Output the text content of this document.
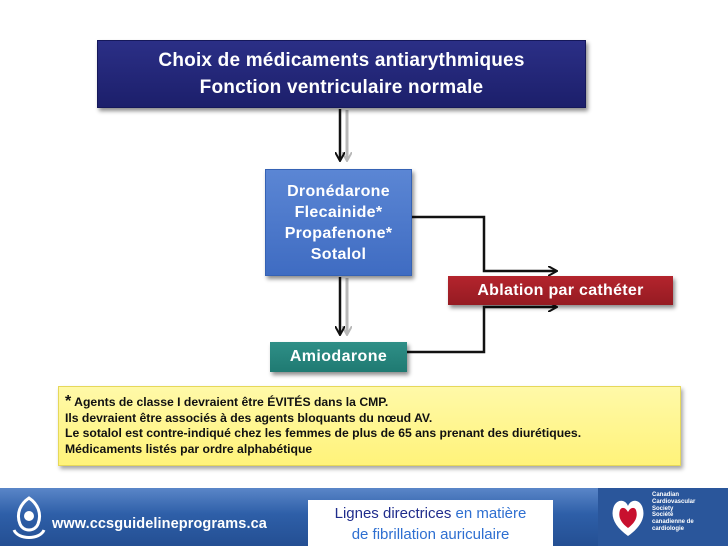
Choix de médicaments antiarythmiques
Fonction ventriculaire normale
Dronédarone
Flecainide*
Propafenone*
Sotalol
Ablation par cathéter
Amiodarone
* Agents de classe I devraient être ÉVITÉS dans la CMP.
Ils devraient être associés à des agents bloquants du nœud AV.
Le sotalol est contre-indiqué chez les femmes de plus de 65 ans prenant des diurétiques.
Médicaments listés par ordre alphabétique
www.ccsguidelineprograms.ca
Lignes directrices en matière
de fibrillation auriculaire
Canadian
Cardiovascular
Society
Société
canadienne de
cardiologie
